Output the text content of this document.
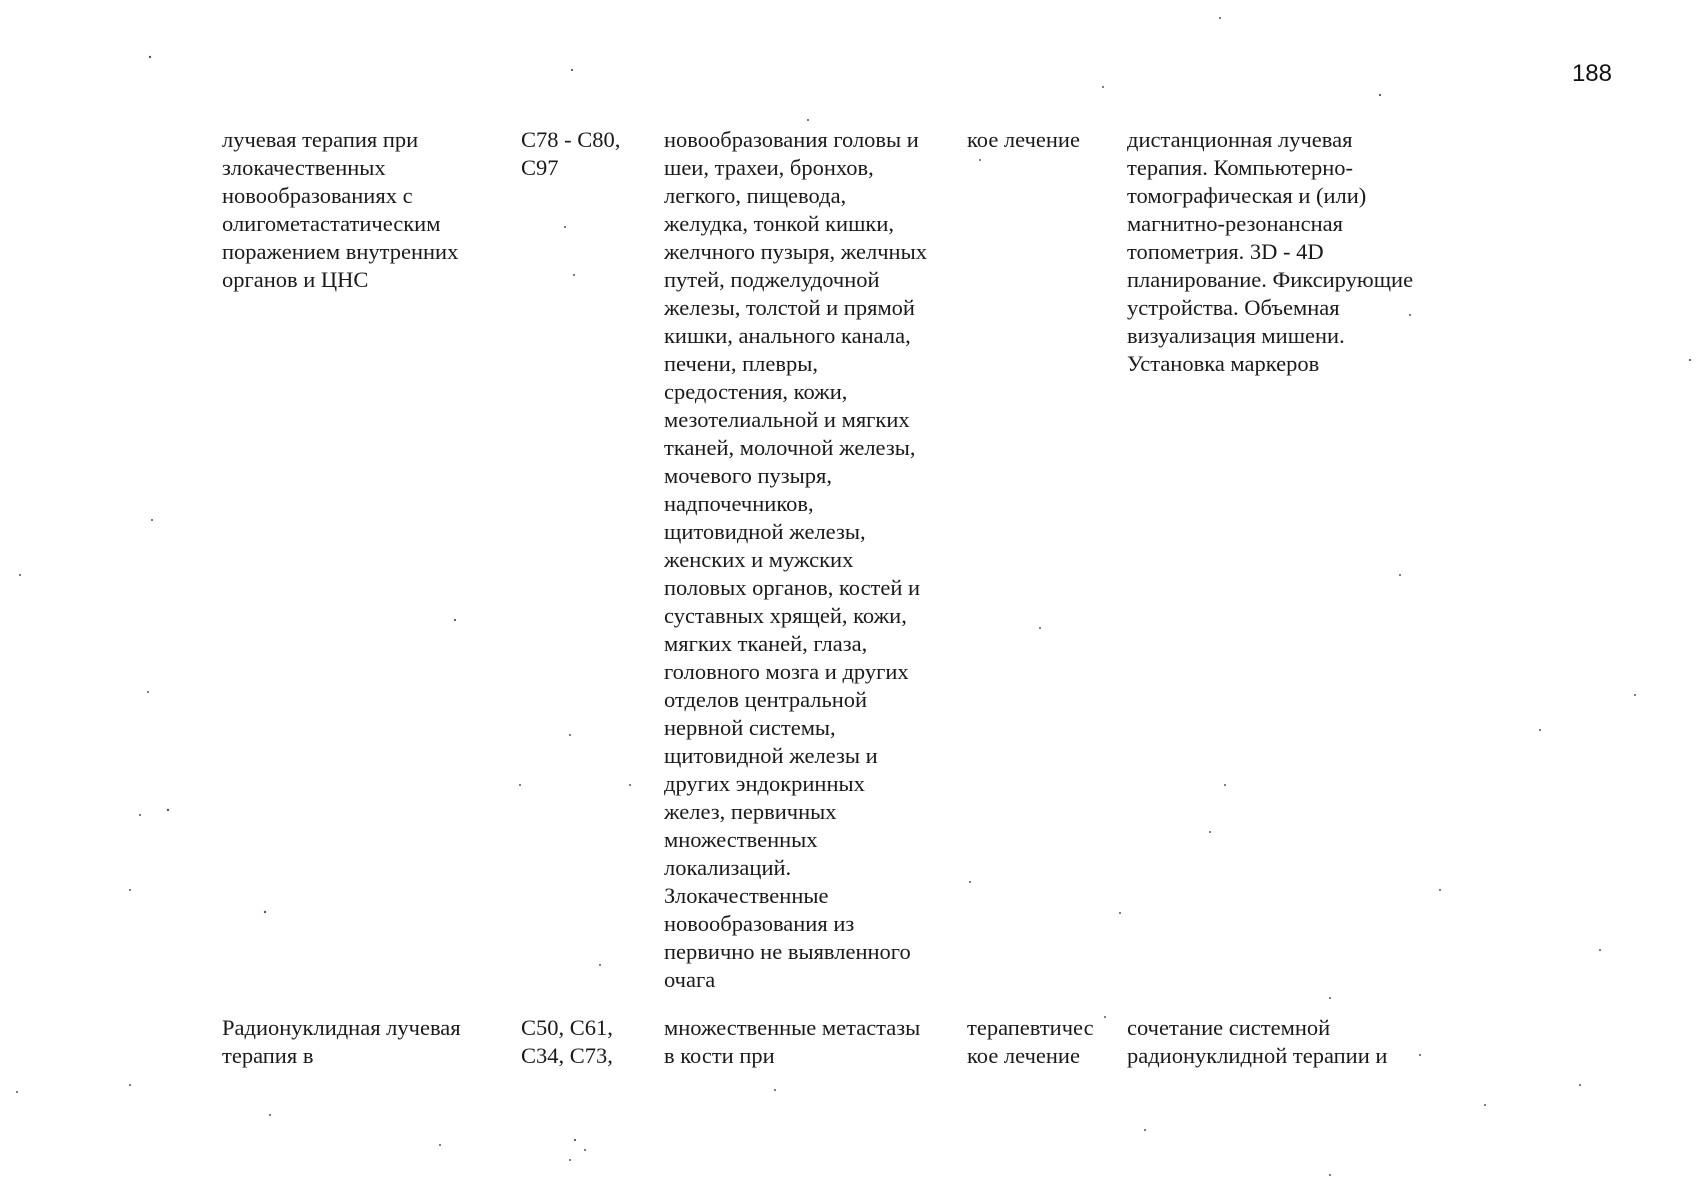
188
лучевая терапия при злокачественных новообразованиях с олигометастатическим поражением внутренних органов и ЦНС
C78 - C80,
C97
новообразования головы и
шеи, трахеи, бронхов,
легкого, пищевода,
желудка, тонкой кишки,
желчного пузыря, желчных
путей, поджелудочной
железы, толстой и прямой
кишки, анального канала,
печени, плевры,
средостения, кожи,
мезотелиальной и мягких
тканей, молочной железы,
мочевого пузыря,
надпочечников,
щитовидной железы,
женских и мужских
половых органов, костей и
суставных хрящей, кожи,
мягких тканей, глаза,
головного мозга и других
отделов центральной
нервной системы,
щитовидной железы и
других эндокринных
желез, первичных
множественных
локализаций.
Злокачественные
новообразования из
первично не выявленного
очага
кое лечение	дистанционная лучевая
терапия. Компьютерно-
томографическая и (или)
магнитно-резонансная
топометрия. 3D - 4D
планирование. Фиксирующие
устройства. Объемная
визуализация мишени.
Установка маркеров
Радионуклидная лучевая
терапия в
C50, C61,
C34, C73,
множественные метастазы
в кости при
терапевтичес
кое лечение
сочетание системной
радионуклидной терапии и
